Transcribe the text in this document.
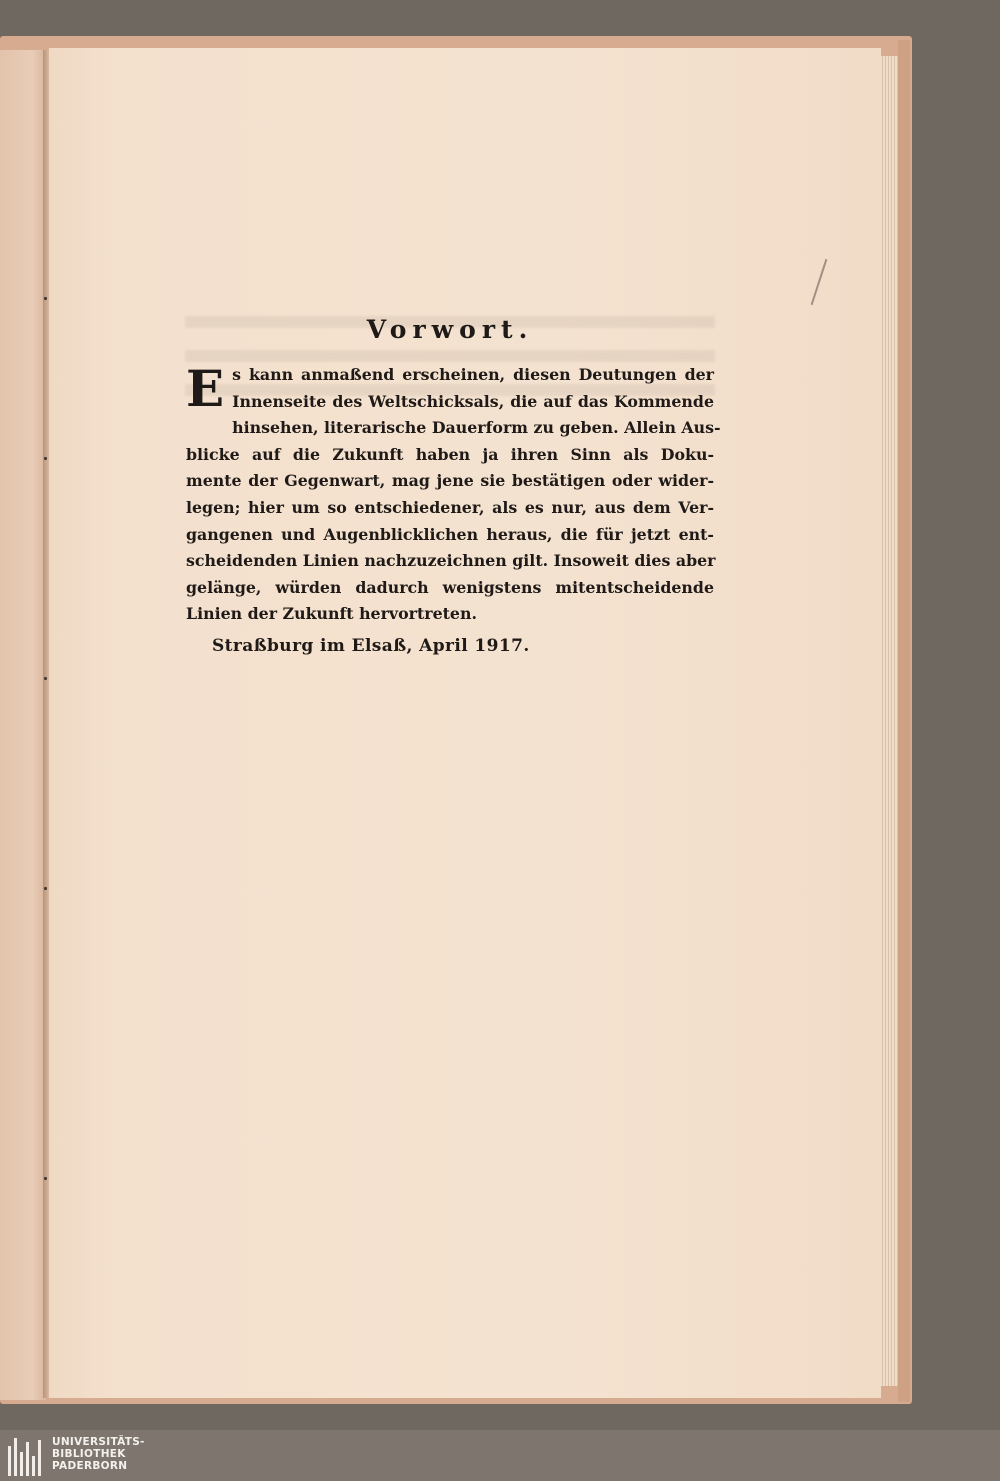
Vorwort.
E s kann anmaßend erscheinen, diesen Deutungen der
Innenseite des Weltschicksals, die auf das Kommende
hinsehen, literarische Dauerform zu geben. Allein Aus-
blicke auf die Zukunft haben ja ihren Sinn als Doku-
mente der Gegenwart, mag jene sie bestätigen oder wider-
legen; hier um so entschiedener, als es nur, aus dem Ver-
gangenen und Augenblicklichen heraus, die für jetzt ent-
scheidenden Linien nachzuzeichnen gilt. Insoweit dies aber
gelänge, würden dadurch wenigstens mitentscheidende
Linien der Zukunft hervortreten.
Straßburg im Elsaß, April 1917.
UNIVERSITÄTS-
BIBLIOTHEK
PADERBORN
